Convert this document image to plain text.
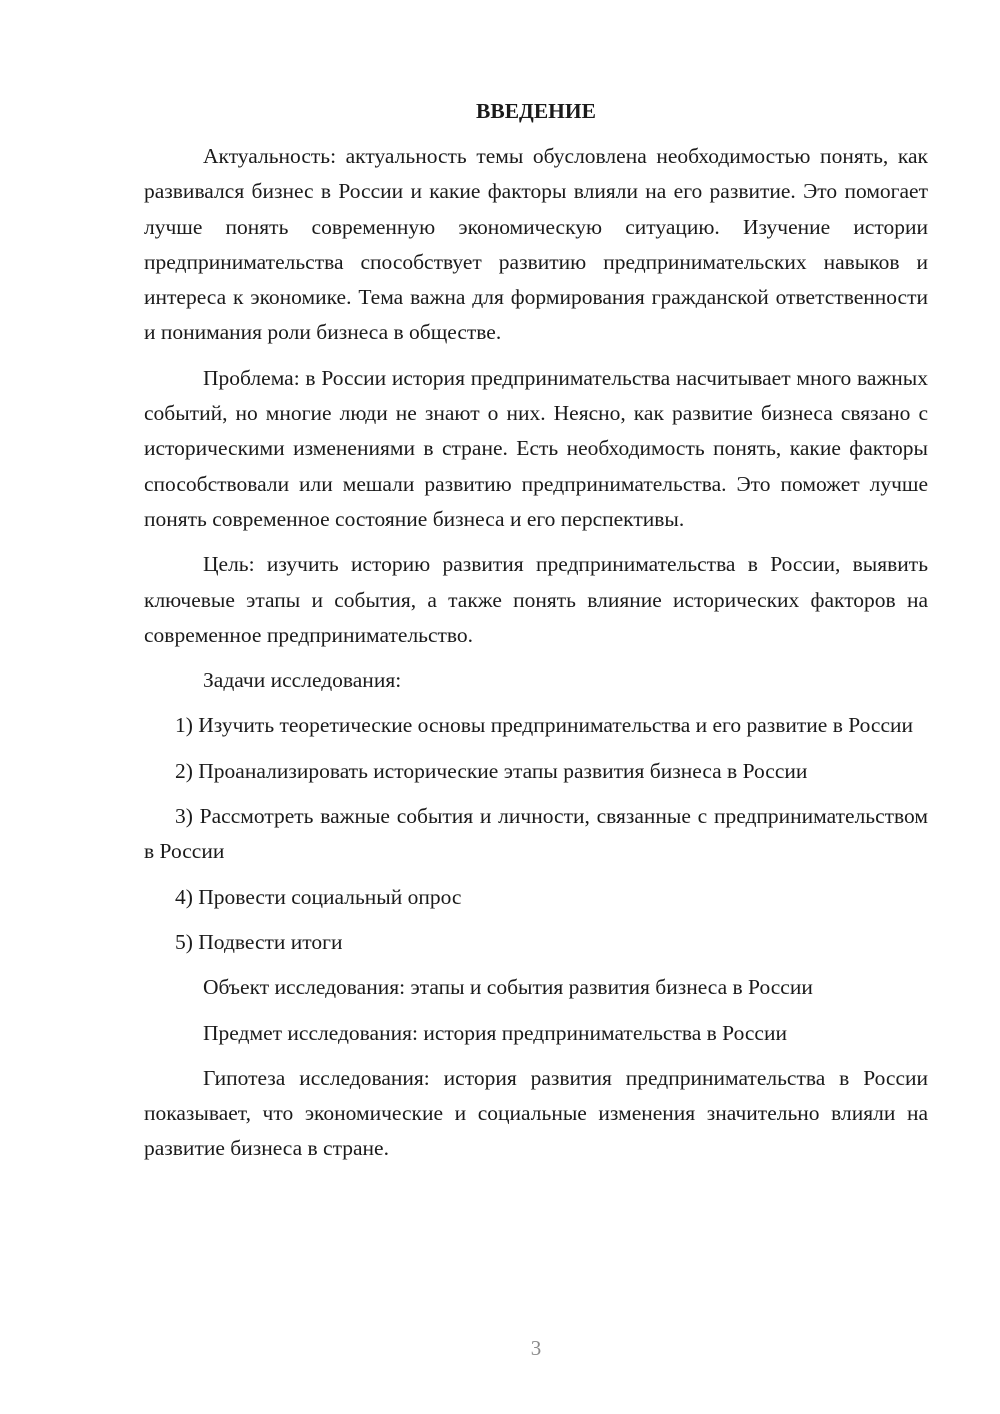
ВВЕДЕНИЕ
Актуальность: актуальность темы обусловлена необходимостью понять, как развивался бизнес в России и какие факторы влияли на его развитие. Это помогает лучше понять современную экономическую ситуацию. Изучение истории предпринимательства способствует развитию предпринимательских навыков и интереса к экономике. Тема важна для формирования гражданской ответственности и понимания роли бизнеса в обществе.
Проблема: в России история предпринимательства насчитывает много важных событий, но многие люди не знают о них. Неясно, как развитие бизнеса связано с историческими изменениями в стране. Есть необходимость понять, какие факторы способствовали или мешали развитию предпринимательства. Это поможет лучше понять современное состояние бизнеса и его перспективы.
Цель: изучить историю развития предпринимательства в России, выявить ключевые этапы и события, а также понять влияние исторических факторов на современное предпринимательство.
Задачи исследования:
1) Изучить теоретические основы предпринимательства и его развитие в России
2) Проанализировать исторические этапы развития бизнеса в России
3) Рассмотреть важные события и личности, связанные с предпринимательством в России
4) Провести социальный опрос
5) Подвести итоги
Объект исследования: этапы и события развития бизнеса в России
Предмет исследования: история предпринимательства в России
Гипотеза исследования: история развития предпринимательства в России показывает, что экономические и социальные изменения значительно влияли на развитие бизнеса в стране.
3
